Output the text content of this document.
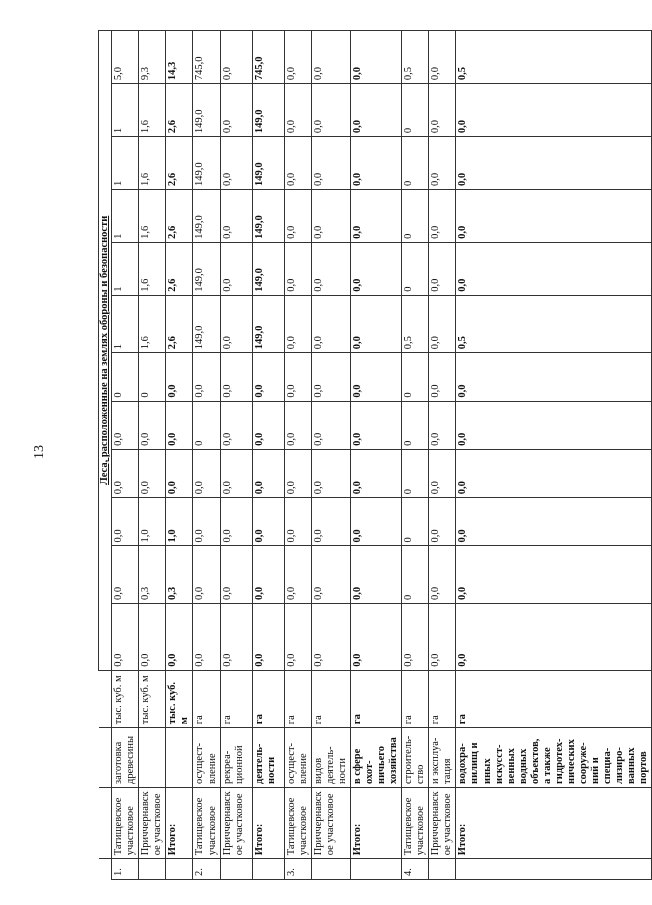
13
					Леса, расположенные на землях обороны и безопасности											
1.	Татищевское участковое	заготовка древесины	тыс. куб. м	0,0	0,0	0,0	0,0	0,0	0	1	1	1	1	1	5,0
	Приччернавское участковое		тыс. куб. м	0,0	0,3	1,0	0,0	0,0	0	1,6	1,6	1,6	1,6	1,6	9,3
	Итого:		тыс. куб. м	0,0	0,3	1,0	0,0	0,0	0,0	2,6	2,6	2,6	2,6	2,6	14,3
2.	Татищевское участковое	осущест-вление	га	0,0	0,0	0,0	0,0	0	0,0	149,0	149,0	149,0	149,0	149,0	745,0
	Приччернавское участковое	рекреа-ционной	га	0,0	0,0	0,0	0,0	0,0	0,0	0,0	0,0	0,0	0,0	0,0	0,0
	Итого:	деятель-ности	га	0,0	0,0	0,0	0,0	0,0	0,0	149,0	149,0	149,0	149,0	149,0	745,0
3.	Татищевское участковое	осущест-вление	га	0,0	0,0	0,0	0,0	0,0	0,0	0,0	0,0	0,0	0,0	0,0	0,0
	Приччернавское участковое	видов деятель-ности	га	0,0	0,0	0,0	0,0	0,0	0,0	0,0	0,0	0,0	0,0	0,0	0,0
	Итого:	в сфере охот-ничьего хозяйства	га	0,0	0,0	0,0	0,0	0,0	0,0	0,0	0,0	0,0	0,0	0,0	0,0
4.	Татищевское участковое	строитель-ство	га	0,0	0	0	0	0	0	0,5	0	0	0	0	0,5
	Приччернавское участковое	и эксплуа-тация	га	0,0	0,0	0,0	0,0	0,0	0,0	0,0	0,0	0,0	0,0	0,0	0,0
	Итого:	водохра-нилищ и иных искусст-венных водных объектов, а также гидротех-нических сооруже-ний и специа-лизиро-ванных портов	га	0,0	0,0	0,0	0,0	0,0	0,0	0,5	0,0	0,0	0,0	0,0	0,5
